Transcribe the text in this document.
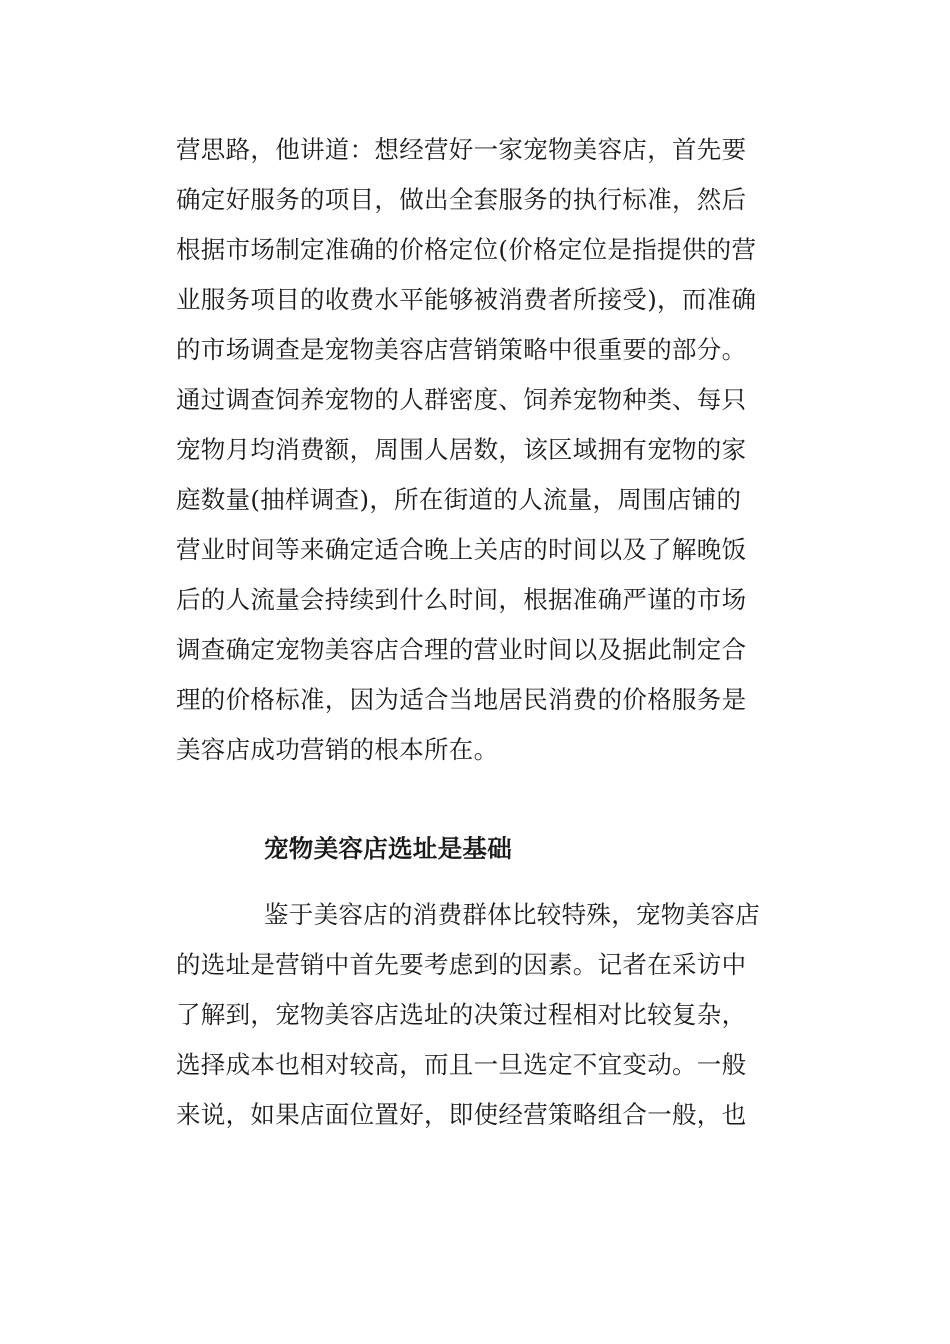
营思路，他讲道：想经营好一家宠物美容店，首先要
确定好服务的项目，做出全套服务的执行标准，然后
根据市场制定准确的价格定位(价格定位是指提供的营
业服务项目的收费水平能够被消费者所接受)，而准确
的市场调查是宠物美容店营销策略中很重要的部分。
通过调查饲养宠物的人群密度、饲养宠物种类、每只
宠物月均消费额，周围人居数，该区域拥有宠物的家
庭数量(抽样调查)，所在街道的人流量，周围店铺的
营业时间等来确定适合晚上关店的时间以及了解晚饭
后的人流量会持续到什么时间，根据准确严谨的市场
调查确定宠物美容店合理的营业时间以及据此制定合
理的价格标准，因为适合当地居民消费的价格服务是
美容店成功营销的根本所在。
宠物美容店选址是基础
鉴于美容店的消费群体比较特殊，宠物美容店
的选址是营销中首先要考虑到的因素。记者在采访中
了解到，宠物美容店选址的决策过程相对比较复杂，
选择成本也相对较高，而且一旦选定不宜变动。一般
来说，如果店面位置好，即使经营策略组合一般，也
